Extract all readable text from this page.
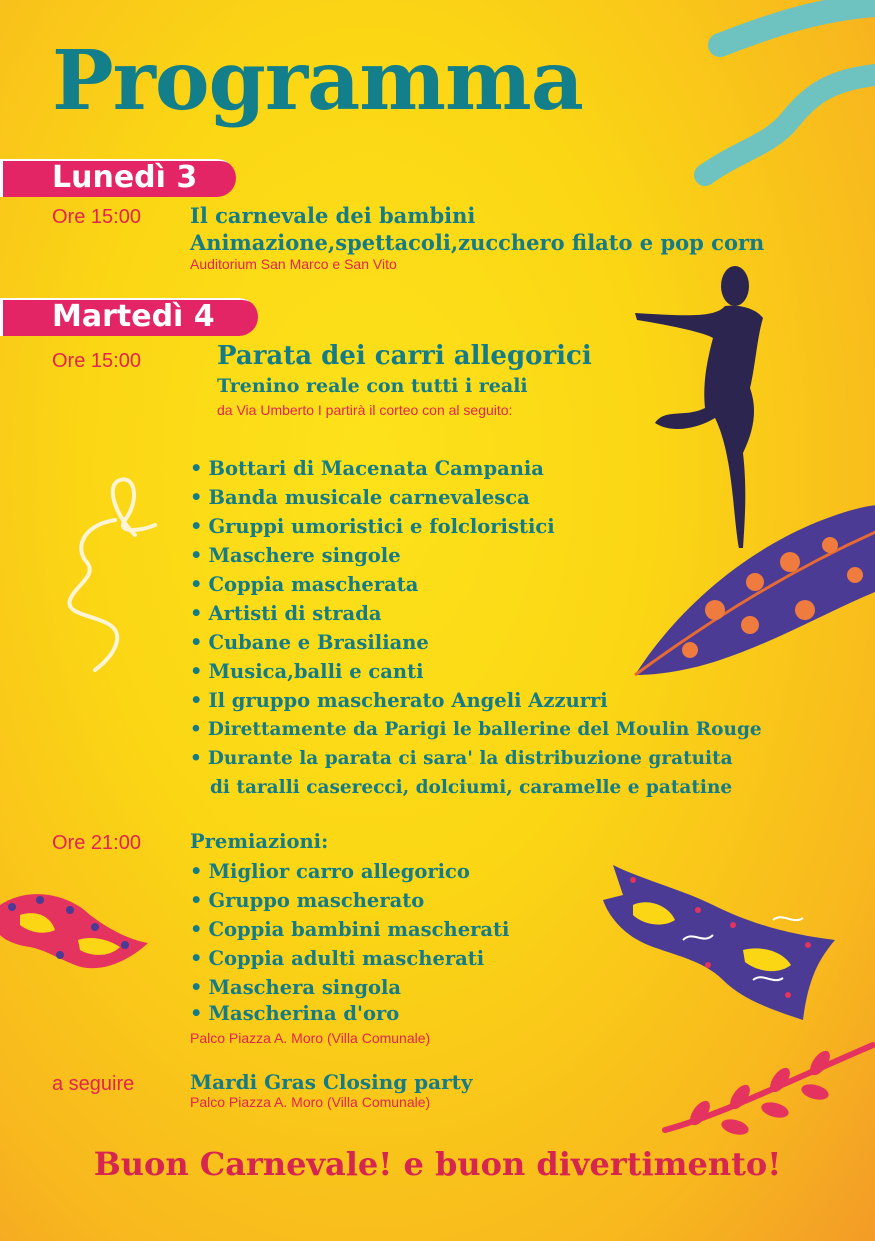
Programma
Lunedì 3
Ore 15:00 Il carnevale dei bambini
Animazione,spettacoli,zucchero filato e pop corn
Auditorium San Marco e San Vito
Martedì 4
Ore 15:00	Parata dei carri allegorici
Trenino reale con tutti i reali
da Via Umberto I partirà il corteo con al seguito:
• Bottari di Macenata Campania
• Banda musicale carnevalesca
• Gruppi umoristici e folcloristici
• Maschere singole
• Coppia mascherata
• Artisti di strada
• Cubane e Brasiliane
• Musica,balli e canti
• Il gruppo mascherato Angeli Azzurri
• Direttamente da Parigi le ballerine del Moulin Rouge
• Durante la parata ci sara' la distribuzione gratuita
di taralli caserecci, dolciumi, caramelle e patatine
Ore 21:00	Premiazioni:
• Miglior carro allegorico
• Gruppo mascherato
• Coppia bambini mascherati
• Coppia adulti mascherati
• Maschera singola
• Mascherina d'oro
Palco Piazza A. Moro (Villa Comunale)
a seguire	Mardi Gras Closing party
Palco Piazza A. Moro (Villa Comunale)
Buon Carnevale! e buon divertimento!
